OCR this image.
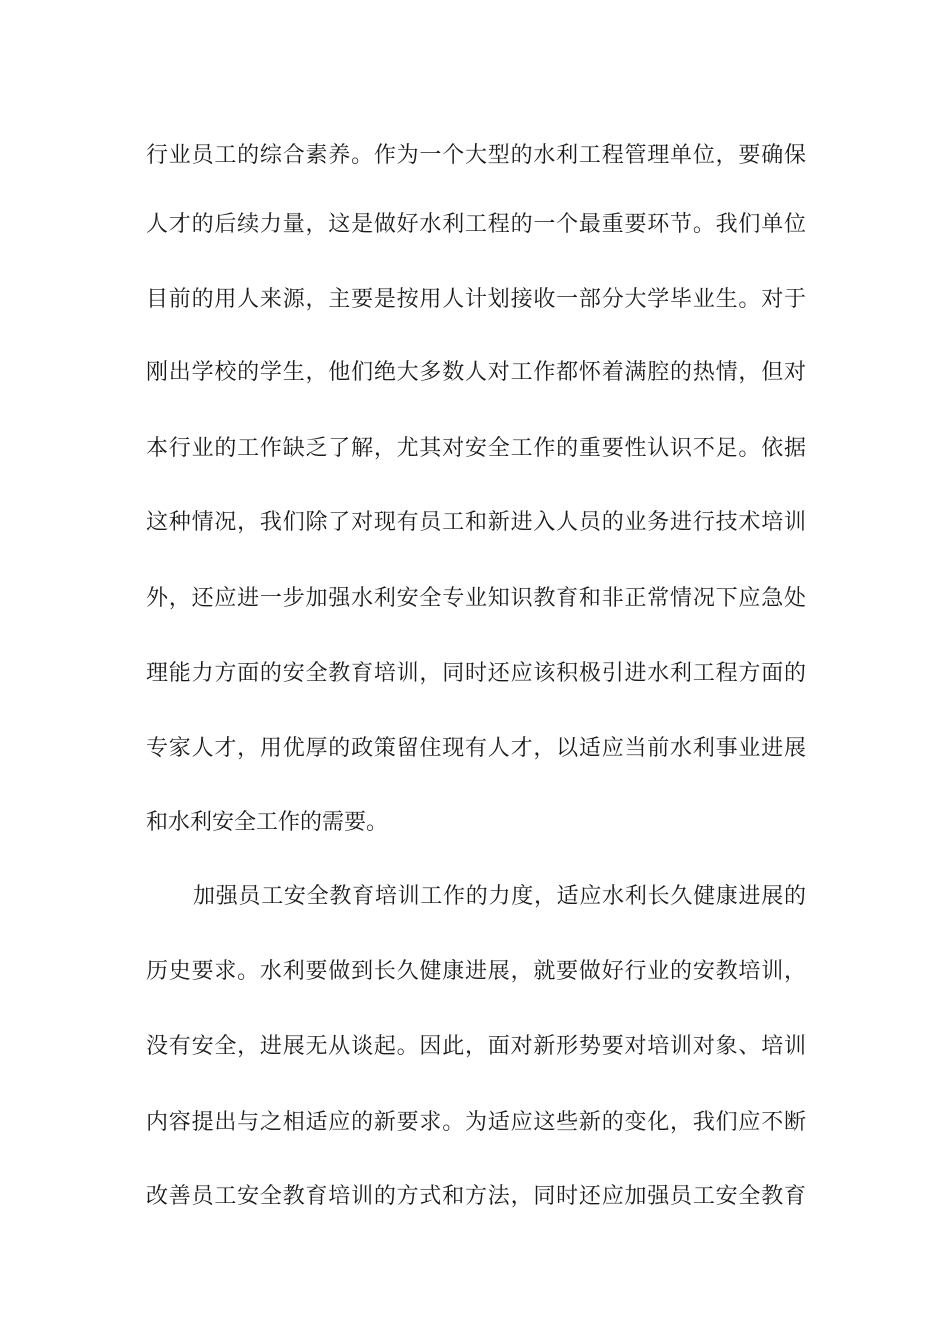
行业员工的综合素养。作为一个大型的水利工程管理单位，要确保
人才的后续力量，这是做好水利工程的一个最重要环节。我们单位
目前的用人来源，主要是按用人计划接收一部分大学毕业生。对于
刚出学校的学生，他们绝大多数人对工作都怀着满腔的热情，但对
本行业的工作缺乏了解，尤其对安全工作的重要性认识不足。依据
这种情况，我们除了对现有员工和新进入人员的业务进行技术培训
外，还应进一步加强水利安全专业知识教育和非正常情况下应急处
理能力方面的安全教育培训，同时还应该积极引进水利工程方面的
专家人才，用优厚的政策留住现有人才，以适应当前水利事业进展
和水利安全工作的需要。
加强员工安全教育培训工作的力度，适应水利长久健康进展的
历史要求。水利要做到长久健康进展，就要做好行业的安教培训，
没有安全，进展无从谈起。因此，面对新形势要对培训对象、培训
内容提出与之相适应的新要求。为适应这些新的变化，我们应不断
改善员工安全教育培训的方式和方法，同时还应加强员工安全教育
